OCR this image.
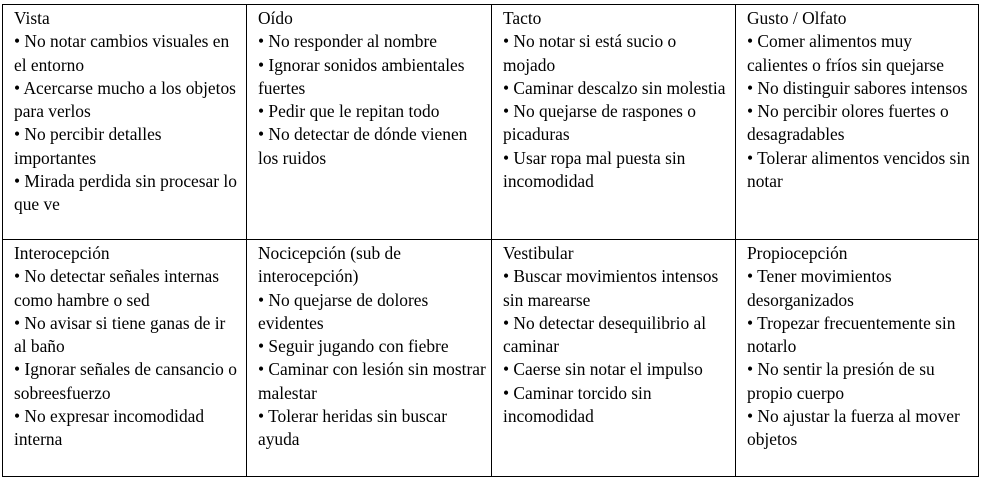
Vista
• No notar cambios visuales en el entorno
• Acercarse mucho a los objetos para verlos
• No percibir detalles importantes
• Mirada perdida sin procesar lo que ve	Oído
• No responder al nombre
• Ignorar sonidos ambientales fuertes
• Pedir que le repitan todo
• No detectar de dónde vienen los ruidos	Tacto
• No notar si está sucio o mojado
• Caminar descalzo sin molestia
• No quejarse de raspones o picaduras
• Usar ropa mal puesta sin incomodidad	Gusto / Olfato
• Comer alimentos muy calientes o fríos sin quejarse
• No distinguir sabores intensos
• No percibir olores fuertes o desagradables
• Tolerar alimentos vencidos sin notar

Interocepción
• No detectar señales internas como hambre o sed
• No avisar si tiene ganas de ir al baño
• Ignorar señales de cansancio o sobreesfuerzo
• No expresar incomodidad interna	Nocicepción (sub de interocepción)
• No quejarse de dolores evidentes
• Seguir jugando con fiebre
• Caminar con lesión sin mostrar malestar
• Tolerar heridas sin buscar ayuda	Vestibular
• Buscar movimientos intensos sin marearse
• No detectar desequilibrio al caminar
• Caerse sin notar el impulso
• Caminar torcido sin incomodidad	Propiocepción
• Tener movimientos desorganizados
• Tropezar frecuentemente sin notarlo
• No sentir la presión de su propio cuerpo
• No ajustar la fuerza al mover objetos
